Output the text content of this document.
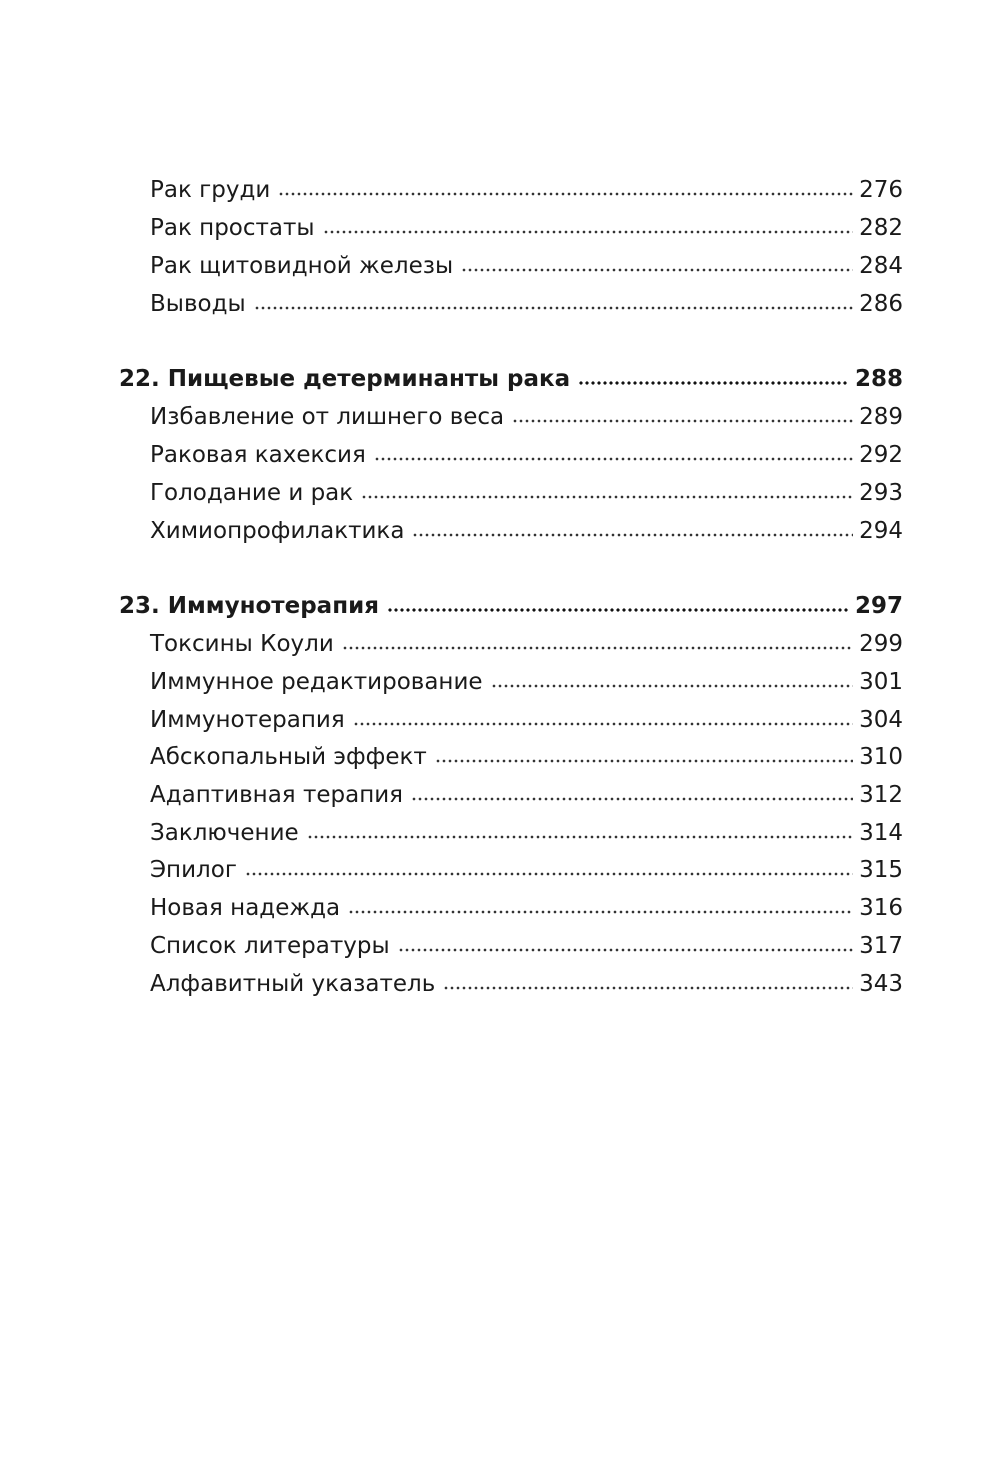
Рак груди	276
Рак простаты	282
Рак щитовидной железы	284
Выводы	286
22. Пищевые детерминанты рака	288
Избавление от лишнего веса	289
Раковая кахексия	292
Голодание и рак	293
Химиопрофилактика	294
23. Иммунотерапия	297
Токсины Коули	299
Иммунное редактирование	301
Иммунотерапия	304
Абскопальный эффект	310
Адаптивная терапия	312
Заключение	314
Эпилог	315
Новая надежда	316
Список литературы	317
Алфавитный указатель	343
